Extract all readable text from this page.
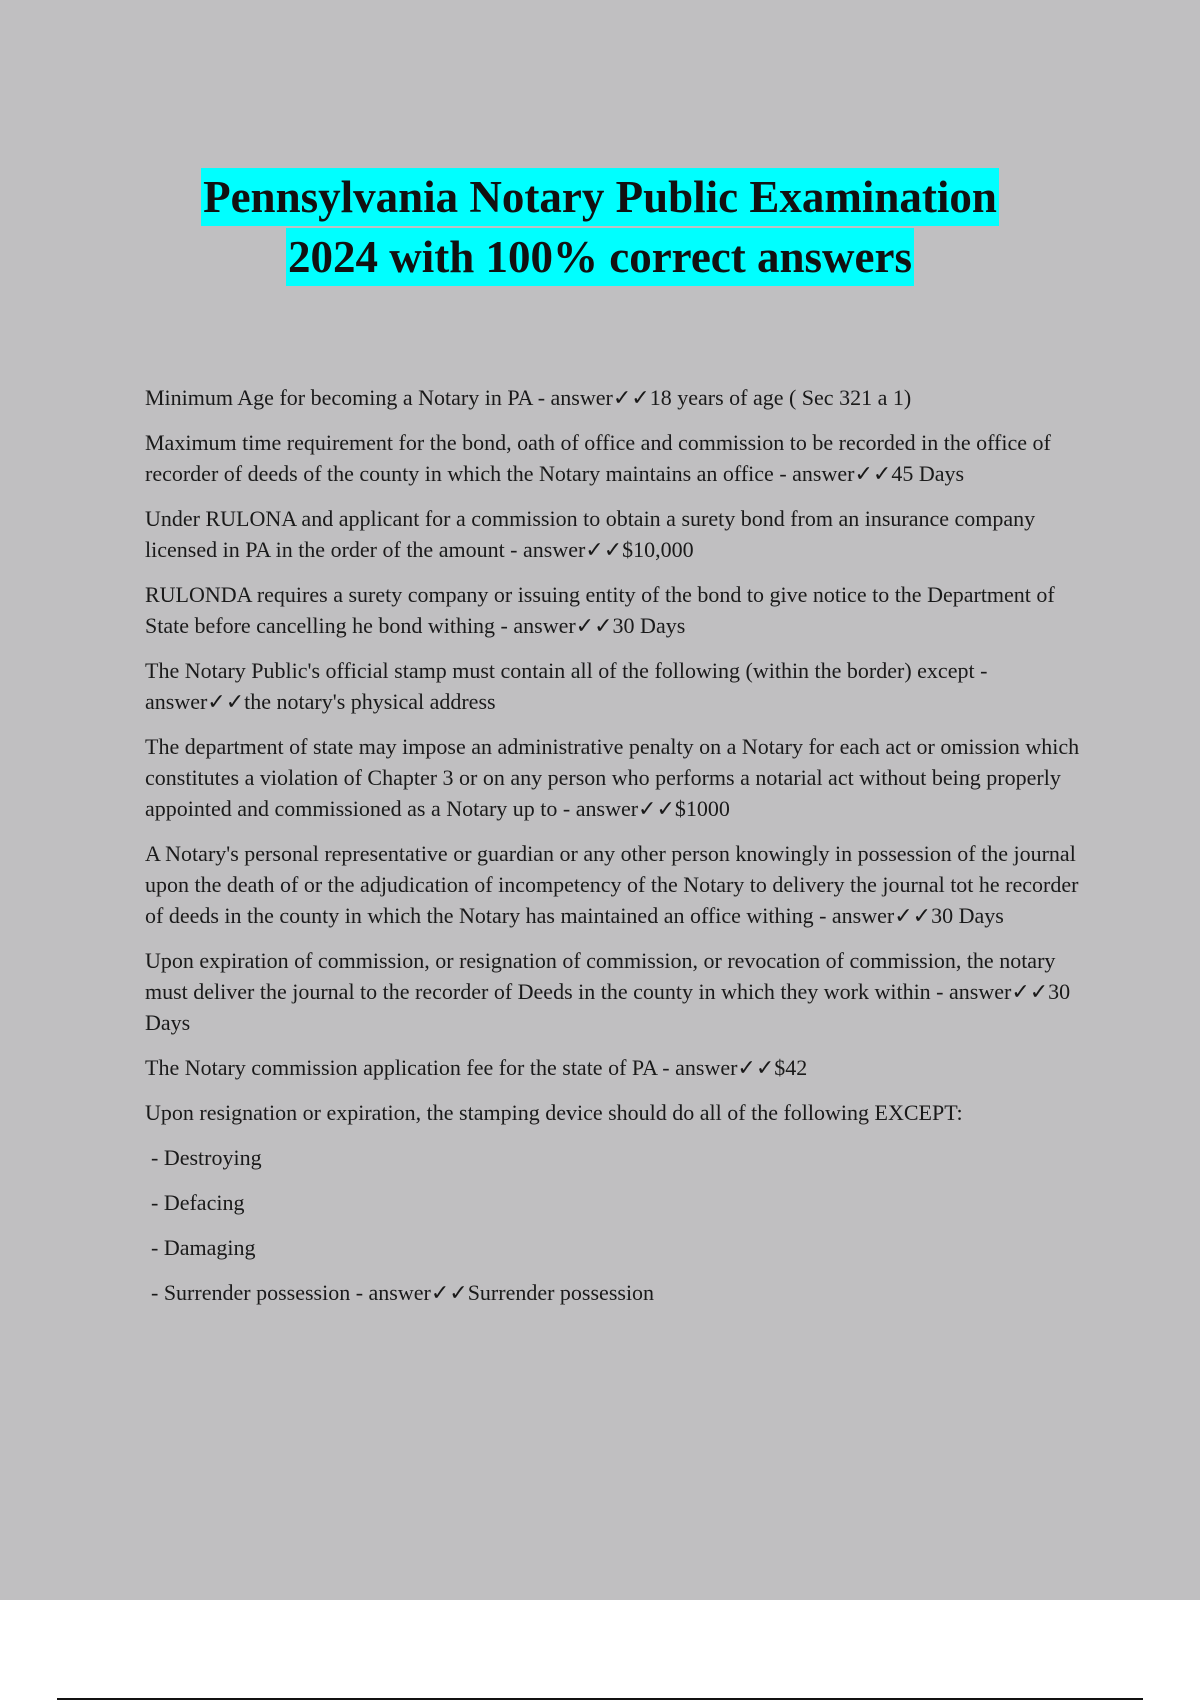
Pennsylvania Notary Public Examination
2024 with 100% correct answers
Minimum Age for becoming a Notary in PA - answer✓✓18 years of age ( Sec 321 a 1)
Maximum time requirement for the bond, oath of office and commission to be recorded in the office of recorder of deeds of the county in which the Notary maintains an office - answer✓✓45 Days
Under RULONA and applicant for a commission to obtain a surety bond from an insurance company licensed in PA in the order of the amount - answer✓✓$10,000
RULONDA requires a surety company or issuing entity of the bond to give notice to the Department of State before cancelling he bond withing - answer✓✓30 Days
The Notary Public's official stamp must contain all of the following (within the border) except - answer✓✓the notary's physical address
The department of state may impose an administrative penalty on a Notary for each act or omission which constitutes a violation of Chapter 3 or on any person who performs a notarial act without being properly appointed and commissioned as a Notary up to - answer✓✓$1000
A Notary's personal representative or guardian or any other person knowingly in possession of the journal upon the death of or the adjudication of incompetency of the Notary to delivery the journal tot he recorder of deeds in the county in which the Notary has maintained an office withing - answer✓✓30 Days
Upon expiration of commission, or resignation of commission, or revocation of commission, the notary must deliver the journal to the recorder of Deeds in the county in which they work within - answer✓✓30 Days
The Notary commission application fee for the state of PA - answer✓✓$42
Upon resignation or expiration, the stamping device should do all of the following EXCEPT:
- Destroying
- Defacing
- Damaging
- Surrender possession - answer✓✓Surrender possession
